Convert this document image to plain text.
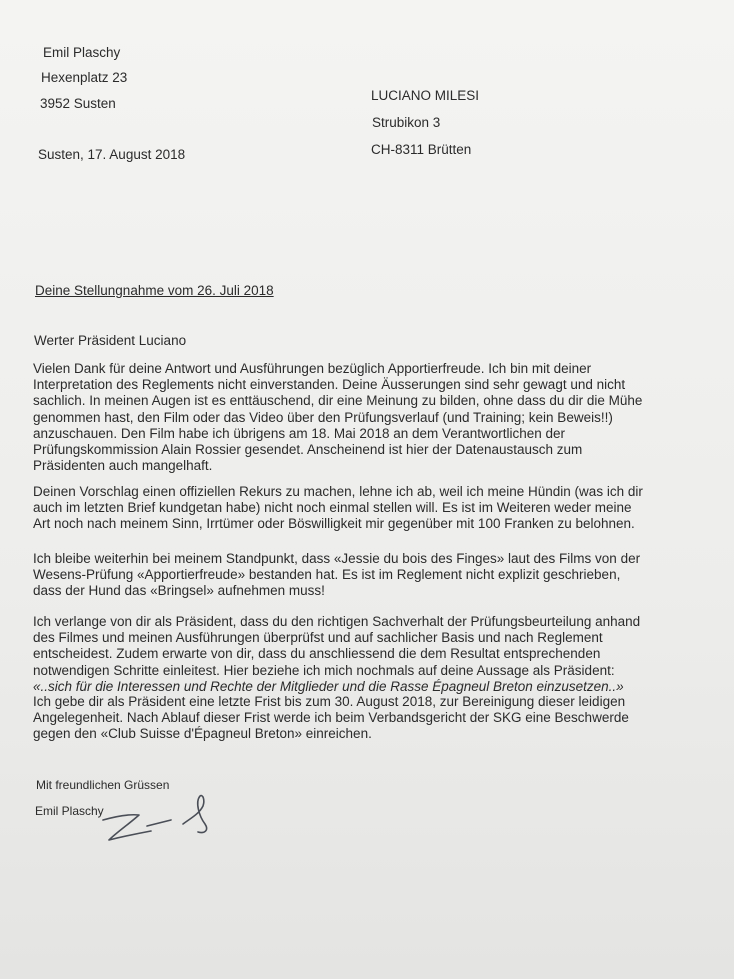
Emil Plaschy
Hexenplatz 23
3952 Susten
LUCIANO MILESI
Strubikon 3
CH-8311 Brütten
Susten, 17. August 2018
Deine Stellungnahme vom 26. Juli 2018
Werter Präsident Luciano
Vielen Dank für deine Antwort und Ausführungen bezüglich Apportierfreude. Ich bin mit deiner
Interpretation des Reglements nicht einverstanden. Deine Äusserungen sind sehr gewagt und nicht
sachlich. In meinen Augen ist es enttäuschend, dir eine Meinung zu bilden, ohne dass du dir die Mühe
genommen hast, den Film oder das Video über den Prüfungsverlauf (und Training; kein Beweis!!)
anzuschauen. Den Film habe ich übrigens am 18. Mai 2018 an dem Verantwortlichen der
Prüfungskommission Alain Rossier gesendet. Anscheinend ist hier der Datenaustausch zum
Präsidenten auch mangelhaft.
Deinen Vorschlag einen offiziellen Rekurs zu machen, lehne ich ab, weil ich meine Hündin (was ich dir
auch im letzten Brief kundgetan habe) nicht noch einmal stellen will. Es ist im Weiteren weder meine
Art noch nach meinem Sinn, Irrtümer oder Böswilligkeit mir gegenüber mit 100 Franken zu belohnen.
Ich bleibe weiterhin bei meinem Standpunkt, dass «Jessie du bois des Finges» laut des Films von der
Wesens-Prüfung «Apportierfreude» bestanden hat. Es ist im Reglement nicht explizit geschrieben,
dass der Hund das «Bringsel» aufnehmen muss!
Ich verlange von dir als Präsident, dass du den richtigen Sachverhalt der Prüfungsbeurteilung anhand
des Filmes und meinen Ausführungen überprüfst und auf sachlicher Basis und nach Reglement
entscheidest. Zudem erwarte von dir, dass du anschliessend die dem Resultat entsprechenden
notwendigen Schritte einleitest. Hier beziehe ich mich nochmals auf deine Aussage als Präsident:
«..sich für die Interessen und Rechte der Mitglieder und die Rasse Épagneul Breton einzusetzen..»
Ich gebe dir als Präsident eine letzte Frist bis zum 30. August 2018, zur Bereinigung dieser leidigen
Angelegenheit. Nach Ablauf dieser Frist werde ich beim Verbandsgericht der SKG eine Beschwerde
gegen den «Club Suisse d'Épagneul Breton» einreichen.
Mit freundlichen Grüssen
Emil Plaschy
